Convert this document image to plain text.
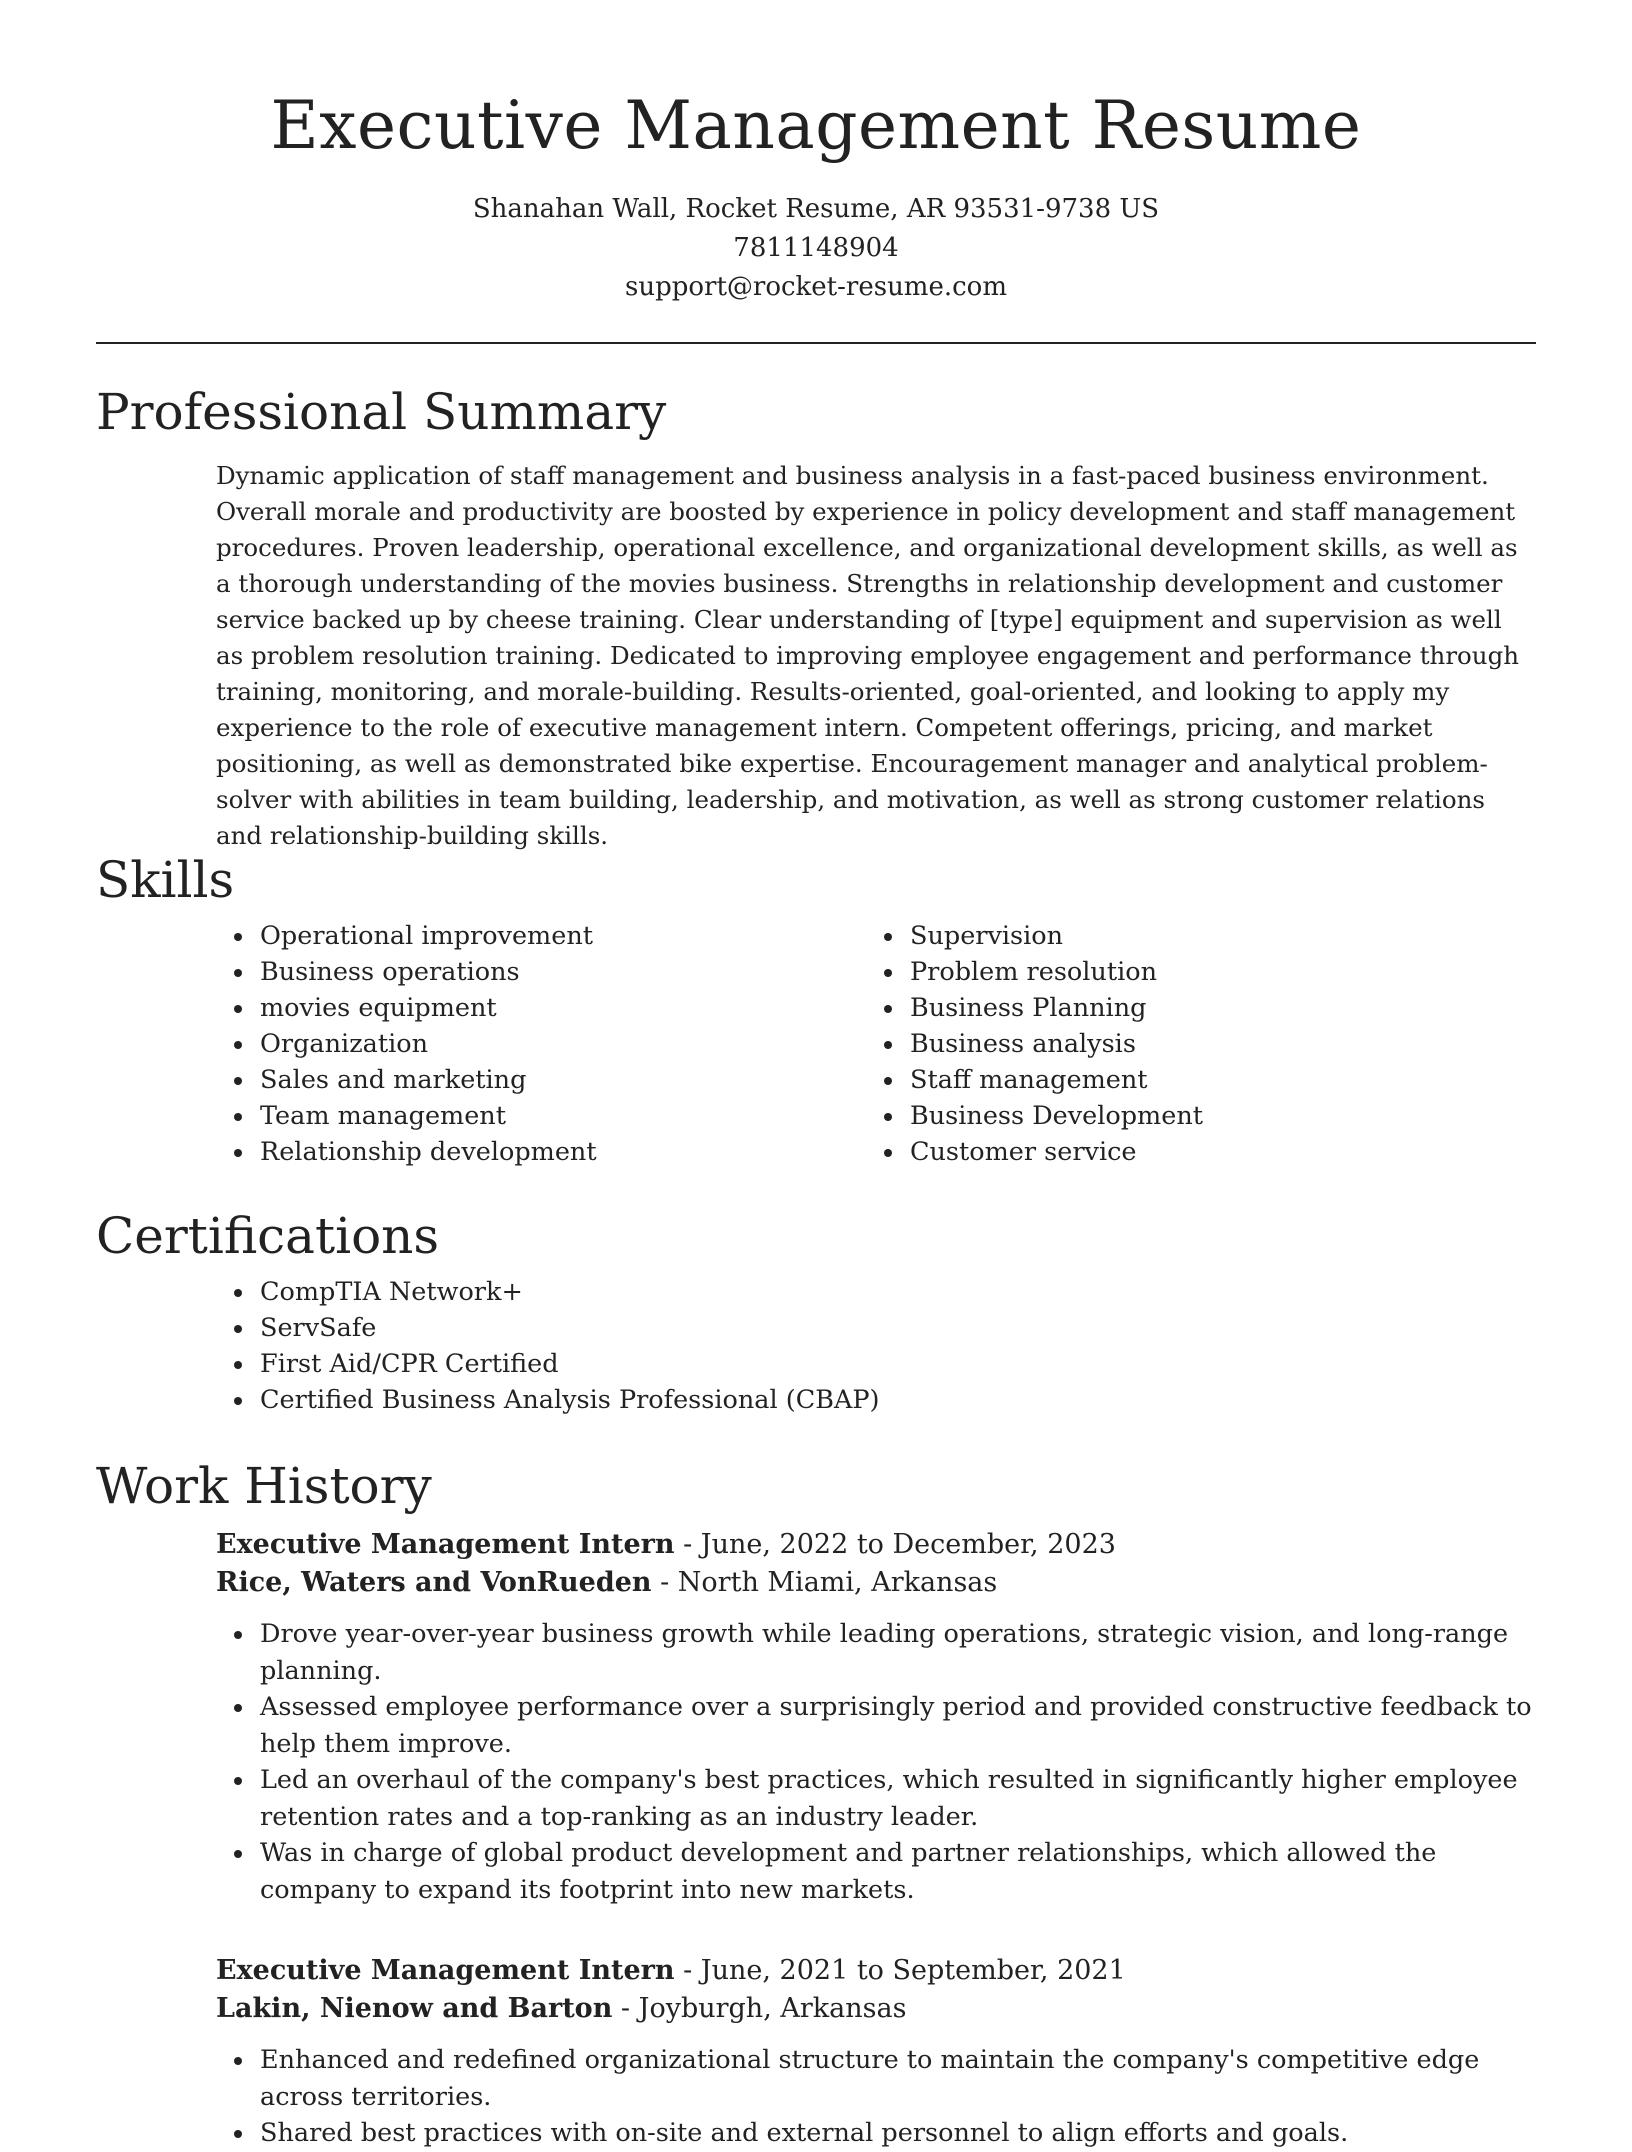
Executive Management Resume
Shanahan Wall, Rocket Resume, AR 93531-9738 US
7811148904
support@rocket-resume.com
Professional Summary

Dynamic application of staff management and business analysis in a fast-paced business environment. Overall morale and productivity are boosted by experience in policy development and staff management procedures. Proven leadership, operational excellence, and organizational development skills, as well as a thorough understanding of the movies business. Strengths in relationship development and customer service backed up by cheese training. Clear understanding of [type] equipment and supervision as well as problem resolution training. Dedicated to improving employee engagement and performance through training, monitoring, and morale-building. Results-oriented, goal-oriented, and looking to apply my experience to the role of executive management intern. Competent offerings, pricing, and market positioning, as well as demonstrated bike expertise. Encouragement manager and analytical problem-solver with abilities in team building, leadership, and motivation, as well as strong customer relations and relationship-building skills.

Skills
Operational improvement
Business operations
movies equipment
Organization
Sales and marketing
Team management
Relationship development
Supervision
Problem resolution
Business Planning
Business analysis
Staff management
Business Development
Customer service
Certifications
CompTIA Network+
ServSafe
First Aid/CPR Certified
Certified Business Analysis Professional (CBAP)
Work History
Executive Management Intern - June, 2022 to December, 2023
Rice, Waters and VonRueden - North Miami, Arkansas
Drove year-over-year business growth while leading operations, strategic vision, and long-range planning.
Assessed employee performance over a surprisingly period and provided constructive feedback to help them improve.
Led an overhaul of the company's best practices, which resulted in significantly higher employee retention rates and a top-ranking as an industry leader.
Was in charge of global product development and partner relationships, which allowed the company to expand its footprint into new markets.
Executive Management Intern - June, 2021 to September, 2021
Lakin, Nienow and Barton - Joyburgh, Arkansas
Enhanced and redefined organizational structure to maintain the company's competitive edge across territories.
Shared best practices with on-site and external personnel to align efforts and goals.
